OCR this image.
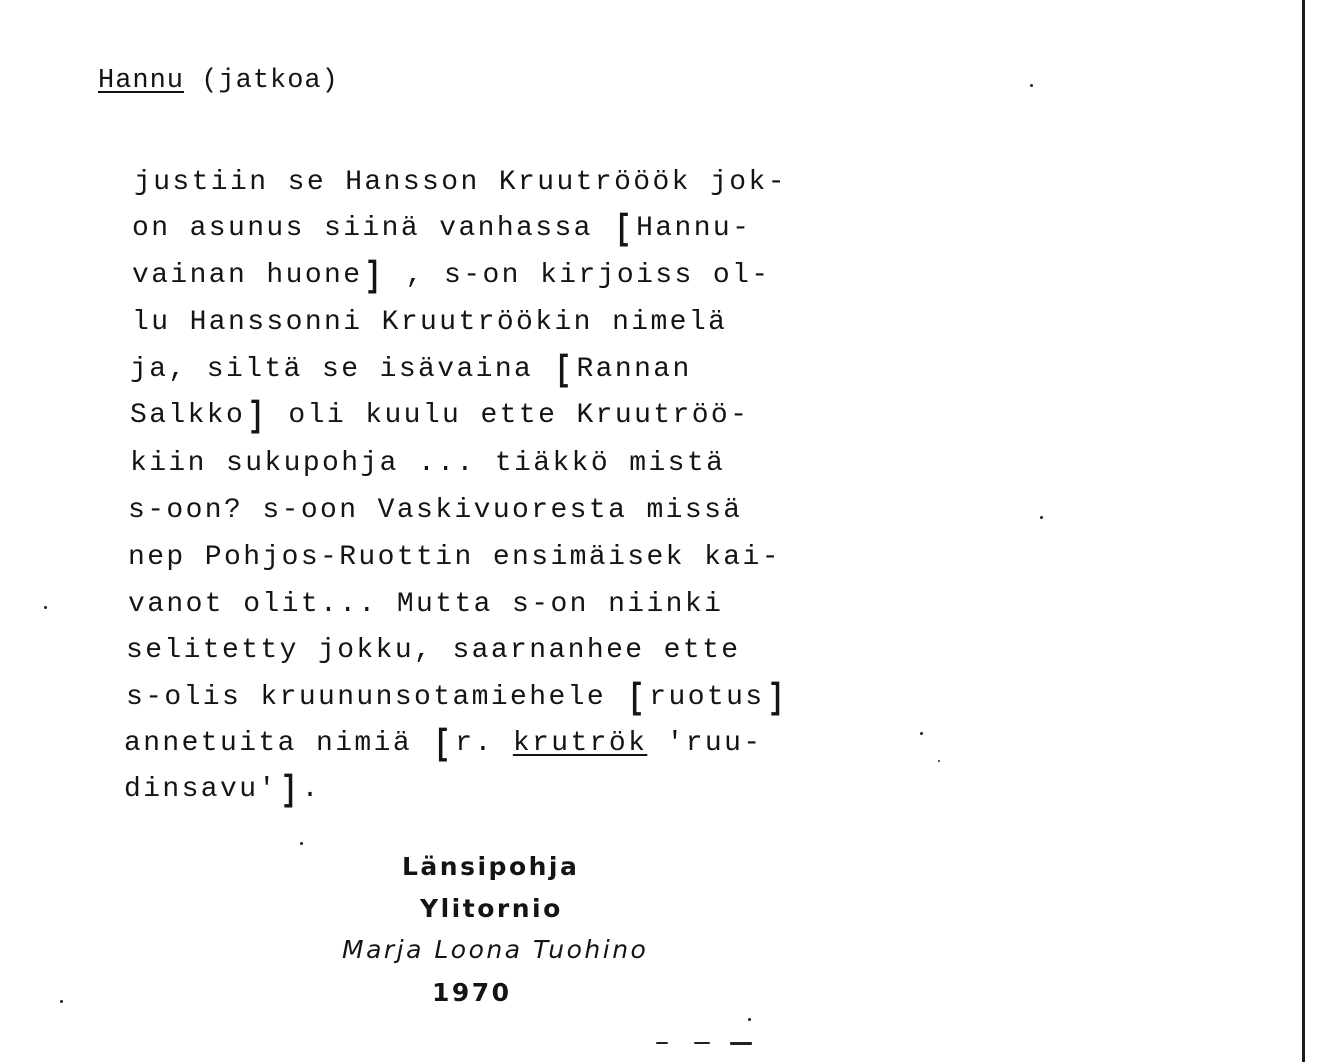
Hannu (jatkoa)
justiin se Hansson Kruutrööök jok-
on asunus siinä vanhassa [ Hannu-
vainan huone] , s-on kirjoiss ol-
lu Hanssonni Kruutröökin nimelä
ja, siltä se isävaina [ Rannan
Salkko] oli kuulu ette Kruutröö-
kiin sukupohja ... tiäkkö mistä
s-oon? s-oon Vaskivuoresta missä
nep Pohjos-Ruottin ensimäisek kai-
vanot olit... Mutta s-on niinki
selitetty jokku, saarnanhee ette
s-olis kruununsotamiehele [ ruotus]
annetuita nimiä [ r. krutrök 'ruu-
dinsavu'] .
Länsipohja
Ylitornio
Marja Loona Tuohino
1970
